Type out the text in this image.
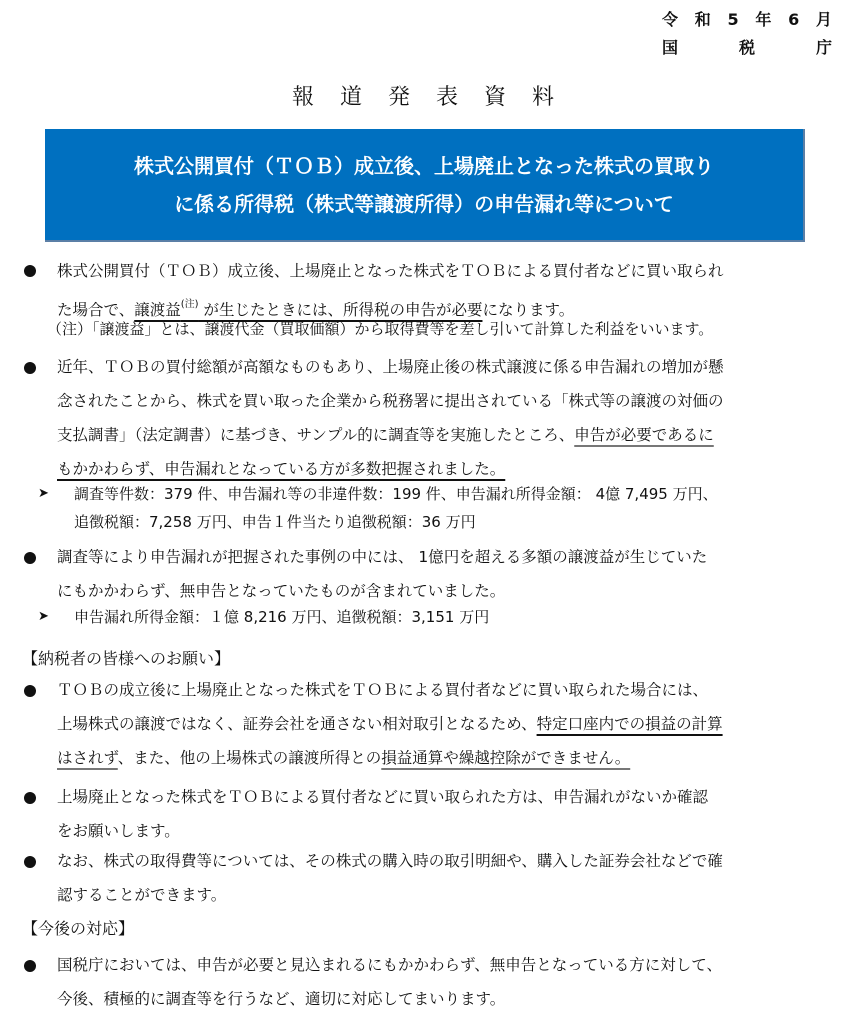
令 和 5 年 6 月
国	税	庁
報道発表資料
株式公開買付（ＴＯＢ）成立後、上場廃止となった株式の買取り
に係る所得税（株式等譲渡所得）の申告漏れ等について
株式公開買付（ＴＯＢ）成立後、上場廃止となった株式をＴＯＢによる買付者などに買い取られ
た場合で、譲渡益$^{(注)}$ が生じたときには、所得税の申告が必要になります。
（注）「譲渡益」とは、譲渡代金（買取価額）から取得費等を差し引いて計算した利益をいいます。
近年、ＴＯＢの買付総額が高額なものもあり、上場廃止後の株式譲渡に係る申告漏れの増加が懸
念されたことから、株式を買い取った企業から税務署に提出されている「株式等の譲渡の対価の
支払調書」（法定調書）に基づき、サンプル的に調査等を実施したところ、申告が必要であるに
もかかわらず、申告漏れとなっている方が多数把握されました。
➤ 調査等件数：379 件、申告漏れ等の非違件数：199 件、申告漏れ所得金額： 4億 7,495 万円、
追徴税額：7,258 万円、申告１件当たり追徴税額：36 万円
調査等により申告漏れが把握された事例の中には、 1億円を超える多額の譲渡益が生じていた
にもかかわらず、無申告となっていたものが含まれていました。
➤ 申告漏れ所得金額：１億 8,216 万円、追徴税額：3,151 万円
【納税者の皆様へのお願い】
ＴＯＢの成立後に上場廃止となった株式をＴＯＢによる買付者などに買い取られた場合には、
上場株式の譲渡ではなく、証券会社を通さない相対取引となるため、特定口座内での損益の計算
はされず、また、他の上場株式の譲渡所得との損益通算や繰越控除ができません。
上場廃止となった株式をＴＯＢによる買付者などに買い取られた方は、申告漏れがないか確認
をお願いします。
なお、株式の取得費等については、その株式の購入時の取引明細や、購入した証券会社などで確
認することができます。
【今後の対応】
国税庁においては、申告が必要と見込まれるにもかかわらず、無申告となっている方に対して、
今後、積極的に調査等を行うなど、適切に対応してまいります。
